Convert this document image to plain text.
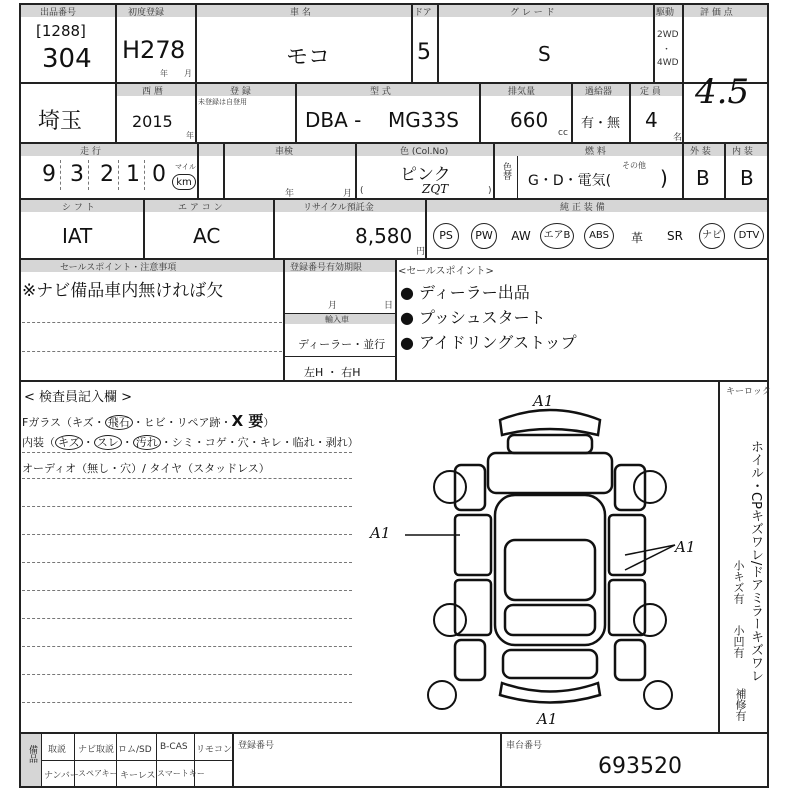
出品番号
[1288]
304
初度登録
H27 8
年 月
車 名
モコ
ドア
5
グ レ ー ド
S
駆動
2WD
・
4WD
評 価 点
4.5
埼玉
西 暦
2015
年
登 録
未登録は自登用
型 式
DBA - MG33S
排気量
660
cc
過給器
有・無
定 員
4
名
走 行
9 3 2 1 0 マイル
km
車検
年	月
色 (Col.No)
ピンク
ZQT
(	)
色替
燃 料
G・D・電気( )
その他
外 装
B
内 装
B
シ フ ト
IAT
エ ア コ ン
AC
リサイクル預託金
8,580
円
純 正 装 備
PS	PW	AW	エアB	ABS	革	SR	ナビ	DTV
セールスポイント・注意事項
※ナビ備品車内無ければ欠
登録番号有効期限
月	日
輸入車
ディーラー・並行
左H ・ 右H
<セールスポイント>
● ディーラー出品
● プッシュスタート
● アイドリングストップ
< 検査員記入欄 >
Fガラス（キズ・ 飛石 ・ヒビ・リペア跡・X 要）
内装（ キズ ・ スレ ・ 汚れ ・シミ・コゲ・穴・キレ・临れ・剥れ）
オーディオ（無し・穴）/ タイヤ（スタッドレス）
A1
A1
A1
A1
キーロック
ホイル・CPキズワレ/ドアミラーキズワレ
小キズ有
小凹有
補修有
備品 取説 ナビ取説 ロム/SD B-CAS リモコン
ナンバー スペアキー キーレス スマートキー
登録番号	車台番号
693520
